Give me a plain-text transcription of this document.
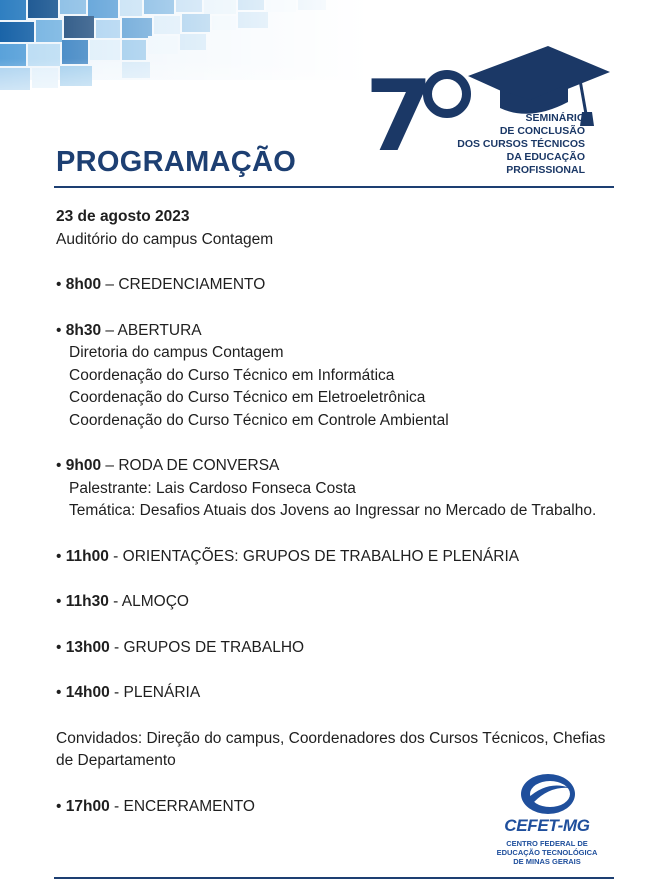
7	SEMINÁRIO
DE CONCLUSÃO
DOS CURSOS TÉCNICOS
DA EDUCAÇÃO PROFISSIONAL
PROGRAMAÇÃO
23 de agosto 2023
Auditório do campus Contagem
• 8h00 – CREDENCIAMENTO
• 8h30 – ABERTURA
Diretoria do campus Contagem
Coordenação do Curso Técnico em Informática
Coordenação do Curso Técnico em Eletroeletrônica
Coordenação do Curso Técnico em Controle Ambiental
• 9h00 – RODA DE CONVERSA
Palestrante: Lais Cardoso Fonseca Costa
Temática: Desafios Atuais dos Jovens ao Ingressar no Mercado de Trabalho.
• 11h00 - ORIENTAÇÕES: GRUPOS DE TRABALHO E PLENÁRIA
• 11h30 - ALMOÇO
• 13h00 - GRUPOS DE TRABALHO
• 14h00 - PLENÁRIA
Convidados: Direção do campus, Coordenadores dos Cursos Técnicos, Chefias de Departamento
• 17h00 - ENCERRAMENTO
CEFET-MG
CENTRO FEDERAL DE
EDUCAÇÃO TECNOLÓGICA
DE MINAS GERAIS
